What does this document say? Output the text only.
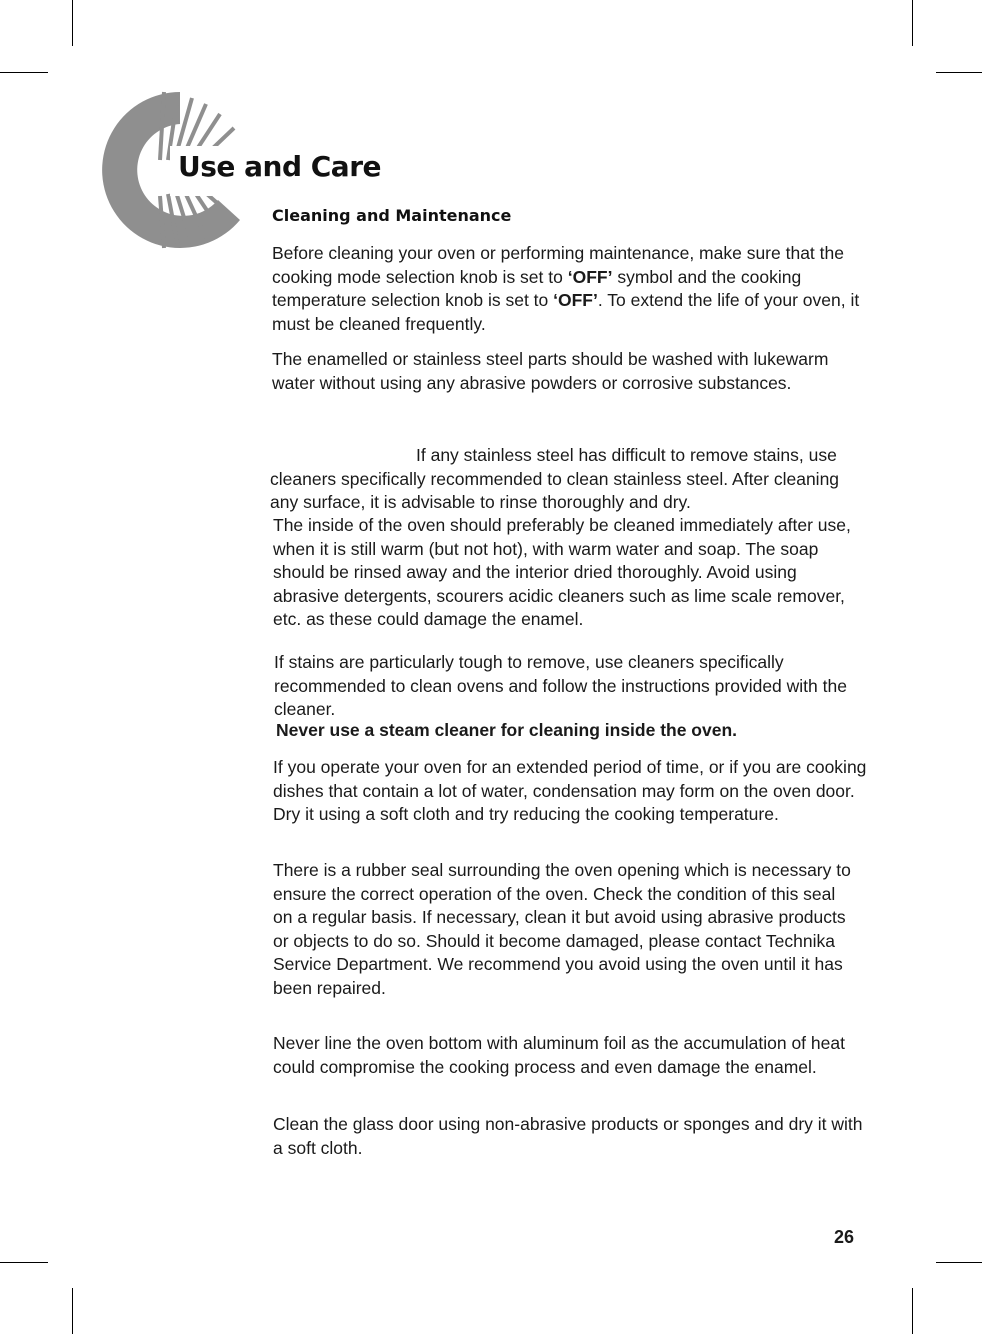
Use and Care
Cleaning and Maintenance

Before cleaning your oven or performing maintenance, make sure that the cooking mode selection knob is set to ‘OFF’ symbol and the cooking temperature selection knob is set to ‘OFF’. To extend the life of your oven, it must be cleaned frequently.

The enamelled or stainless steel parts should be washed with lukewarm water without using any abrasive powders or corrosive substances.

If any stainless steel has difficult to remove stains, use cleaners specifically recommended to clean stainless steel. After cleaning any surface, it is advisable to rinse thoroughly and dry.

The inside of the oven should preferably be cleaned immediately after use, when it is still warm (but not hot), with warm water and soap. The soap should be rinsed away and the interior dried thoroughly. Avoid using abrasive detergents, scourers acidic cleaners such as lime scale remover, etc. as these could damage the enamel.

If stains are particularly tough to remove, use cleaners specifically recommended to clean ovens and follow the instructions provided with the cleaner.

Never use a steam cleaner for cleaning inside the oven.

If you operate your oven for an extended period of time, or if you are cooking dishes that contain a lot of water, condensation may form on the oven door. Dry it using a soft cloth and try reducing the cooking temperature.

There is a rubber seal surrounding the oven opening which is necessary to ensure the correct operation of the oven. Check the condition of this seal on a regular basis. If necessary, clean it but avoid using abrasive products or objects to do so. Should it become damaged, please contact Technika Service Department. We recommend you avoid using the oven until it has been repaired.

Never line the oven bottom with aluminum foil as the accumulation of heat could compromise the cooking process and even damage the enamel.

Clean the glass door using non-abrasive products or sponges and dry it with a soft cloth.

26
